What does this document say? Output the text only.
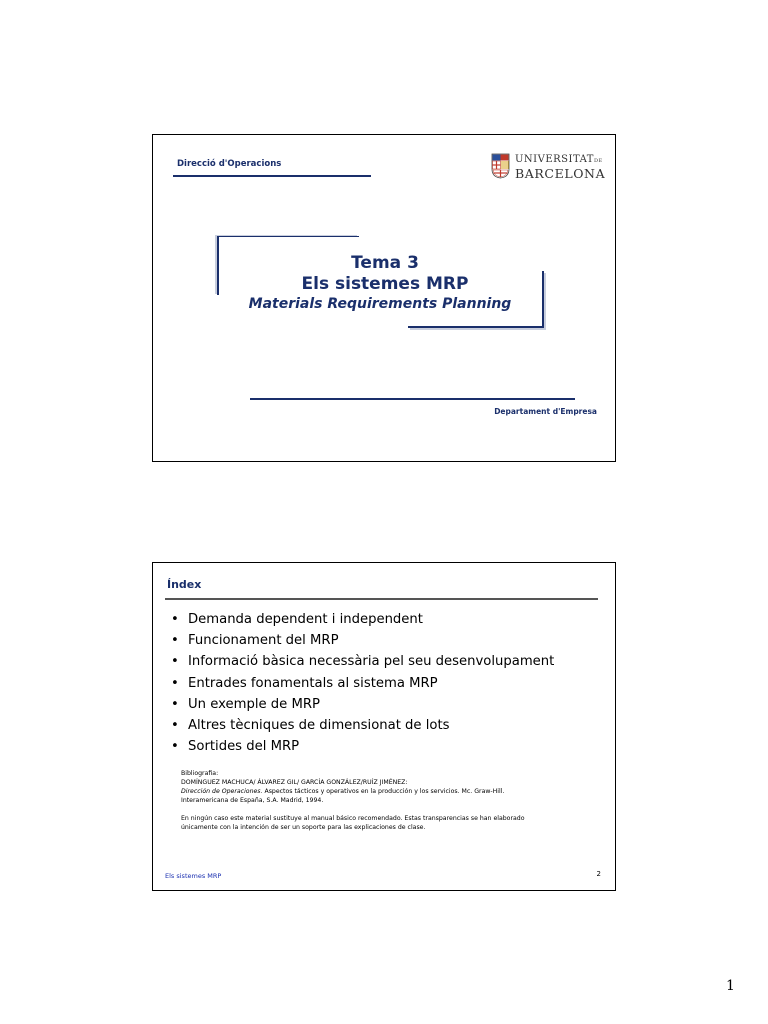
Direcció d'Operacions	UNIVERSITATDE
BARCELONA
Tema 3
Els sistemes MRP
Materials Requirements Planning
Departament d'Empresa
Índex
• Demanda dependent i independent
• Funcionament del MRP
• Informació bàsica necessària pel seu desenvolupament
• Entrades fonamentals al sistema MRP
• Un exemple de MRP
• Altres tècniques de dimensionat de lots
• Sortides del MRP

Bibliografia:

DOMÍNGUEZ MACHUCA/ ÁLVAREZ GIL/ GARCÍA GONZÁLEZ/RUÍZ JIMÉNEZ:

Dirección de Operaciones. Aspectos tácticos y operativos en la producción y los servicios. Mc. Graw-Hill.

Interamericana de España, S.A. Madrid, 1994.

En ningún caso este material sustituye al manual básico recomendado. Estas transparencias se han elaborado

únicamente con la intención de ser un soporte para las explicaciones de clase.

Els sistemes MRP	2
1
